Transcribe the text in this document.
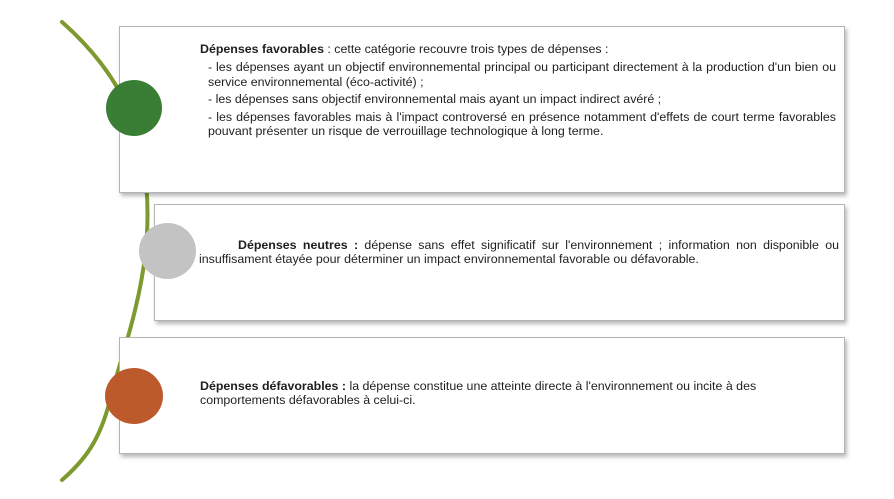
Dépenses favorables : cette catégorie recouvre trois types de dépenses :
- les dépenses ayant un objectif environnemental principal ou participant directement à la production d'un bien ou service environnemental (éco-activité) ;
- les dépenses sans objectif environnemental mais ayant un impact indirect avéré ;
- les dépenses favorables mais à l'impact controversé en présence notamment d'effets de court terme favorables pouvant présenter un risque de verrouillage technologique à long terme.

Dépenses neutres : dépense sans effet significatif sur l'environnement ; information non disponible ou insuffisament étayée pour déterminer un impact environnemental favorable ou défavorable.

Dépenses défavorables : la dépense constitue une atteinte directe à l'environnement ou incite à des comportements défavorables à celui-ci.
